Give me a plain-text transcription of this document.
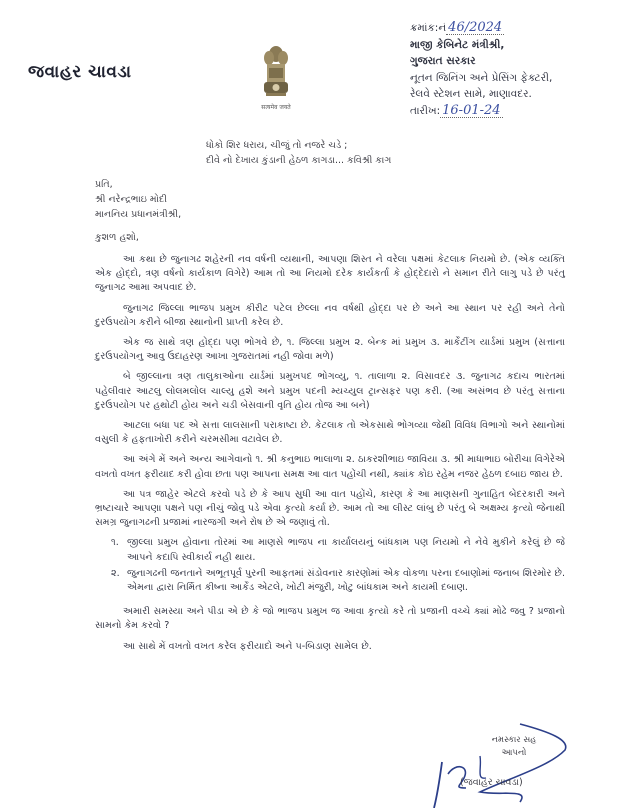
જવાહર ચાવડા
सत्यमेव जयते
ક્રમાંક:નં 46/2024
માજી કેબિનેટ મંત્રીશ્રી,
ગુજરાત સરકાર
નૂતન જિનિંગ અને પ્રેસિંગ ફેક્ટરી,
રેલવે સ્ટેશન સામે, માણાવદર.
તારીખ: 16-01-24
ધોકો શિર ધરાય, ચીજું તો નજરે ચડે ;
દીવે નો દેખાય કુંડાની હેઠળ કાગડા... કવિશ્રી કાગ
પ્રતિ,
શ્રી નરેન્દ્રભાઇ મોદી
માનનિય પ્રધાનમંત્રીશ્રી,
કુશળ હશો,

આ કથા છે જુનાગઢ શહેરની નવ વર્ષની વ્યથાની, આપણા શિસ્ત ને વરેલા પક્ષમાં કેટલાક નિયમો છે. (એક વ્યક્તિ એક હોદ્દો, ત્રણ વર્ષનો કાર્યકાળ વિગેરે) આમ તો આ નિયમો દરેક કાર્યકર્તા કે હોદ્દેદારો ને સમાન રીતે લાગુ પડે છે પરંતુ જુનાગઢ આમા અપવાદ છે.

જુનાગઢ જિલ્લા ભાજપ પ્રમુખ કીરીટ પટેલ છેલ્લા નવ વર્ષથી હોદ્દા પર છે અને આ સ્થાન પર રહી અને તેનો દુરઉપયોગ કરીને બીજા સ્થાનોની પ્રાપ્તી કરેલ છે.

એક જ સાથે ત્રણ હોદ્દા પણ ભોગવે છે, ૧. જિલ્લા પ્રમુખ ૨. બેન્ક માં પ્રમુખ ૩. માર્કેટીંગ યાર્ડમાં પ્રમુખ (સત્તાના દુરઉપયોગનુ આવુ ઉદાહરણ આખા ગુજરાતમાં નહી જોવા મળે)

બે જીલ્લાના ત્રણ તાલુકાઓના યાર્ડમાં પ્રમુખપદ ભોગવ્યુ, ૧. તાલાળા ૨. વિસાવદર ૩. જુનાગઢ કદાચ ભારતમાં પહેલીવાર આટલુ લોલમલોલ ચાલ્યુ હશે અને પ્રમુખ પદની મ્યચ્યુલ ટ્રાન્સફર પણ કરી. (આ અસંભવ છે પરંતુ સત્તાના દુરઉપયોગ પર હથોટી હોય અને ચડી બેસવાની વૃતિ હોય તોજ આ બને)

આટલા બધા પદ એ સત્તા લાલસાની પરાકાષ્ટા છે. કેટલાક તો એકસાથે ભોગવ્યા જેથી વિવિધ વિભાગો અને સ્થાનોમાં વસુલી કે હફતાખોરી કરીને ચરમસીમા વટાવેલ છે.

આ અંગે મેં અને અન્ય આગેવાનો ૧. શ્રી કનુભાઇ ભાલાળા ૨. ઠાકરશીભાઇ જાવિયા ૩. શ્રી માધાભાઇ બોરીચા વિગેરેએ વખતો વખત ફરીયાદ કરી હોવા છતા પણ આપના સમક્ષ આ વાત પહોંચી નથી, ક્યાંક કોઇ રહેમ નજર હેઠળ દબાઇ જાય છે.

આ પત્ર જાહેર એટલે કરવો પડે છે કે આપ સુધી આ વાત પહોંચે, કારણ કે આ માણસની ગુનાહિત બેદરકારી અને ભ્રષ્ટાચારે આપણા પક્ષને પણ નીચું જોવુ પડે એવા કૃત્યો કર્યા છે. આમ તો આ લીસ્ટ લાંબુ છે પરંતુ બે અક્ષમ્ય કૃત્યો જેનાથી સમગ્ર જુનાગઢની પ્રજામાં નારજગી અને રોષ છે એ જણાવું તો.

૧. જીલ્લા પ્રમુખ હોવાના તોરમાં આ માણસે ભાજપ ના કાર્યાલયનું બાંધકામ પણ નિયમો ને નેવે મુકીને કરેલું છે જે આપને કદાપિ સ્વીકાર્ય નહી થાય.
૨. જુનાગઢની જનતાને અભૂતપૂર્વ પુરની આફતમાં સંડોવનાર કારણોમાં એક વોકળા પરના દબાણોમાં જનાબ શિરમોર છે. એમના દ્વારા નિર્મિત કીષ્ના આર્કેડ એટલે, ખોટી મંજુરી, ખોટુ બાંધકામ અને કાયમી દબાણ.

અમારી સમસ્યા અને પીડા એ છે કે જો ભાજપ પ્રમુખ જ આવા કૃત્યો કરે તો પ્રજાની વચ્ચે ક્યાં મોઢે જવુ ? પ્રજાનો સામનો કેમ કરવો ?

આ સાથે મેં વખતો વખત કરેલ ફરીયાદો અને ૫-બિડાણ સામેલ છે.

નમસ્કાર સહ
આપનો
(જવાહર ચાવડા)
